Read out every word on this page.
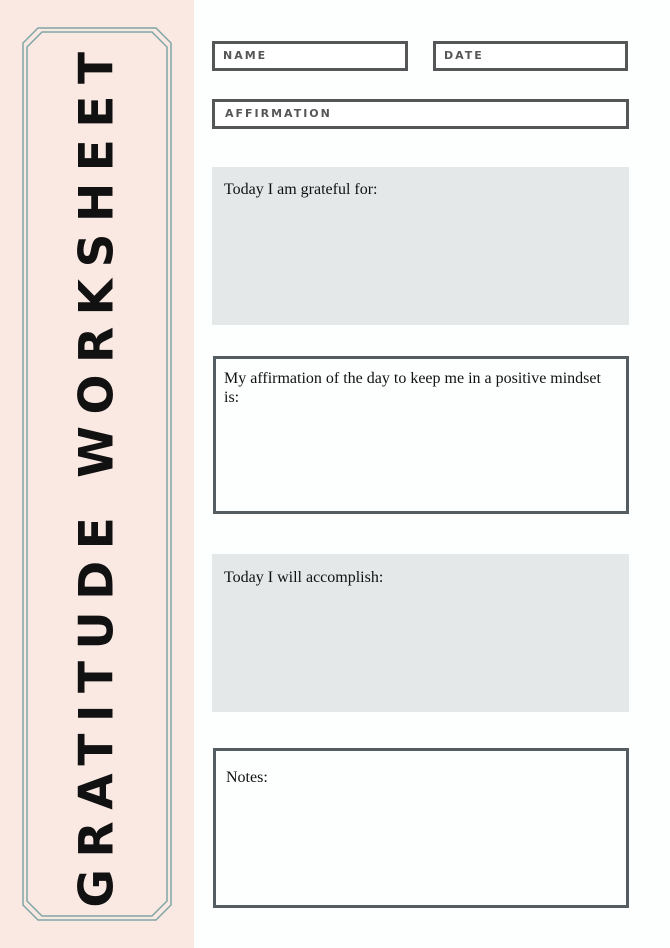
GRATITUDE WORKSHEET	NAME	DATE
AFFIRMATION
Today I am grateful for:
My affirmation of the day to keep me in a positive mindset is:
Today I will accomplish:
Notes:
